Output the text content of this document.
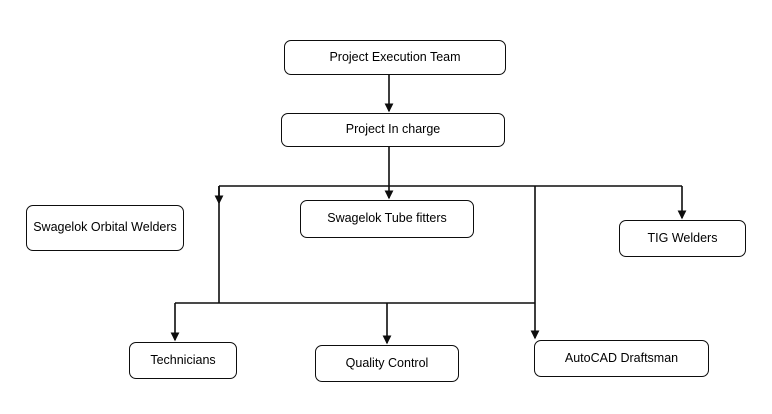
Project Execution Team
Project In charge
Swagelok Orbital Welders
Swagelok Tube fitters
TIG Welders
Technicians	Quality Control	AutoCAD Draftsman
